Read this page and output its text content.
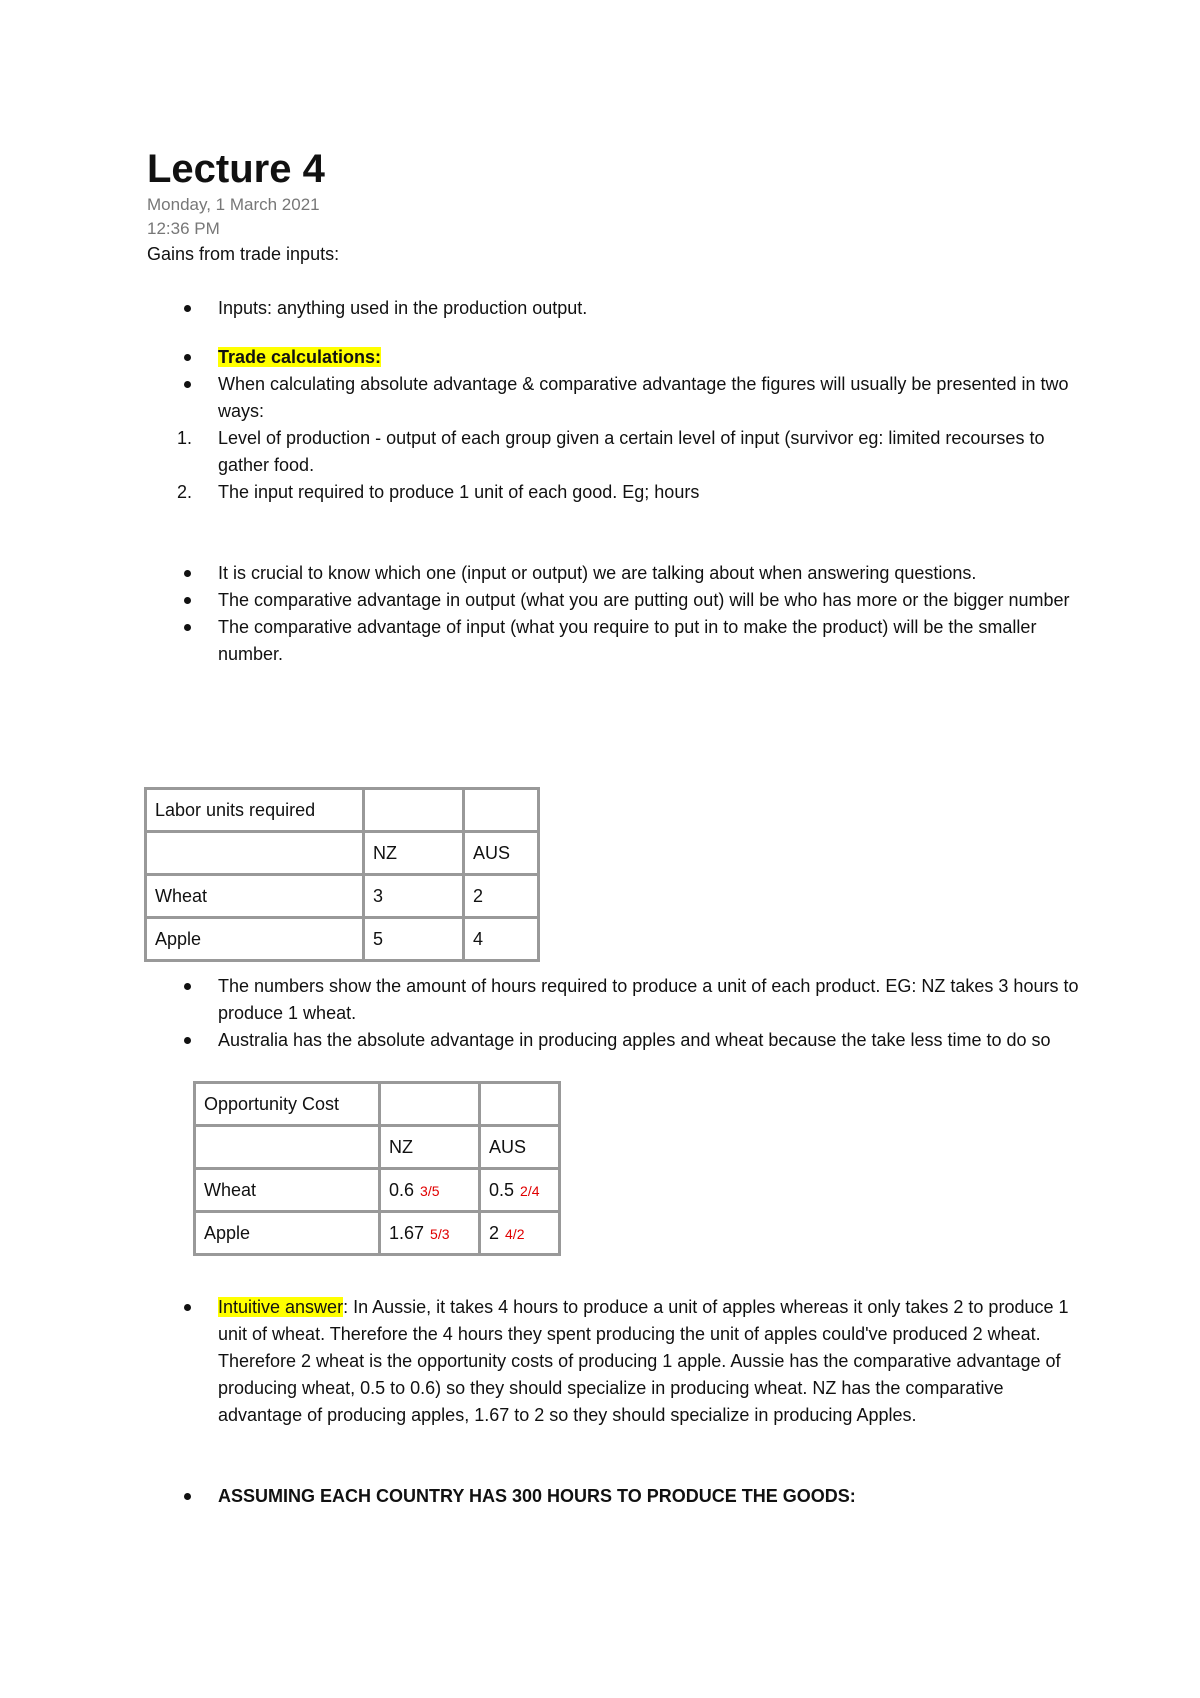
Lecture 4
Monday, 1 March 2021
12:36 PM
Gains from trade inputs:
Inputs: anything used in the production output.
Trade calculations:
When calculating absolute advantage & comparative advantage the figures will usually be presented in two ways:
1.	Level of production - output of each group given a certain level of input (survivor eg: limited recourses to gather food.
2.	The input required to produce 1 unit of each good. Eg; hours
It is crucial to know which one (input or output) we are talking about when answering questions.
The comparative advantage in output (what you are putting out) will be who has more or the bigger number
The comparative advantage of input (what you require to put in to make the product) will be the smaller number.
Labor units required		
	NZ	AUS
Wheat	3	2
Apple	5	4
The numbers show the amount of hours required to produce a unit of each product. EG: NZ takes 3 hours to produce 1 wheat.
Australia has the absolute advantage in producing apples and wheat because the take less time to do so
Opportunity Cost		
	NZ	AUS
Wheat	0.6 3/5	0.5 2/4
Apple	1.67 5/3	2 4/2
Intuitive answer: In Aussie, it takes 4 hours to produce a unit of apples whereas it only takes 2 to produce 1 unit of wheat. Therefore the 4 hours they spent producing the unit of apples could've produced 2 wheat. Therefore 2 wheat is the opportunity costs of producing 1 apple. Aussie has the comparative advantage of producing wheat, 0.5 to 0.6) so they should specialize in producing wheat. NZ has the comparative advantage of producing apples, 1.67 to 2 so they should specialize in producing Apples.
ASSUMING EACH COUNTRY HAS 300 HOURS TO PRODUCE THE GOODS:
